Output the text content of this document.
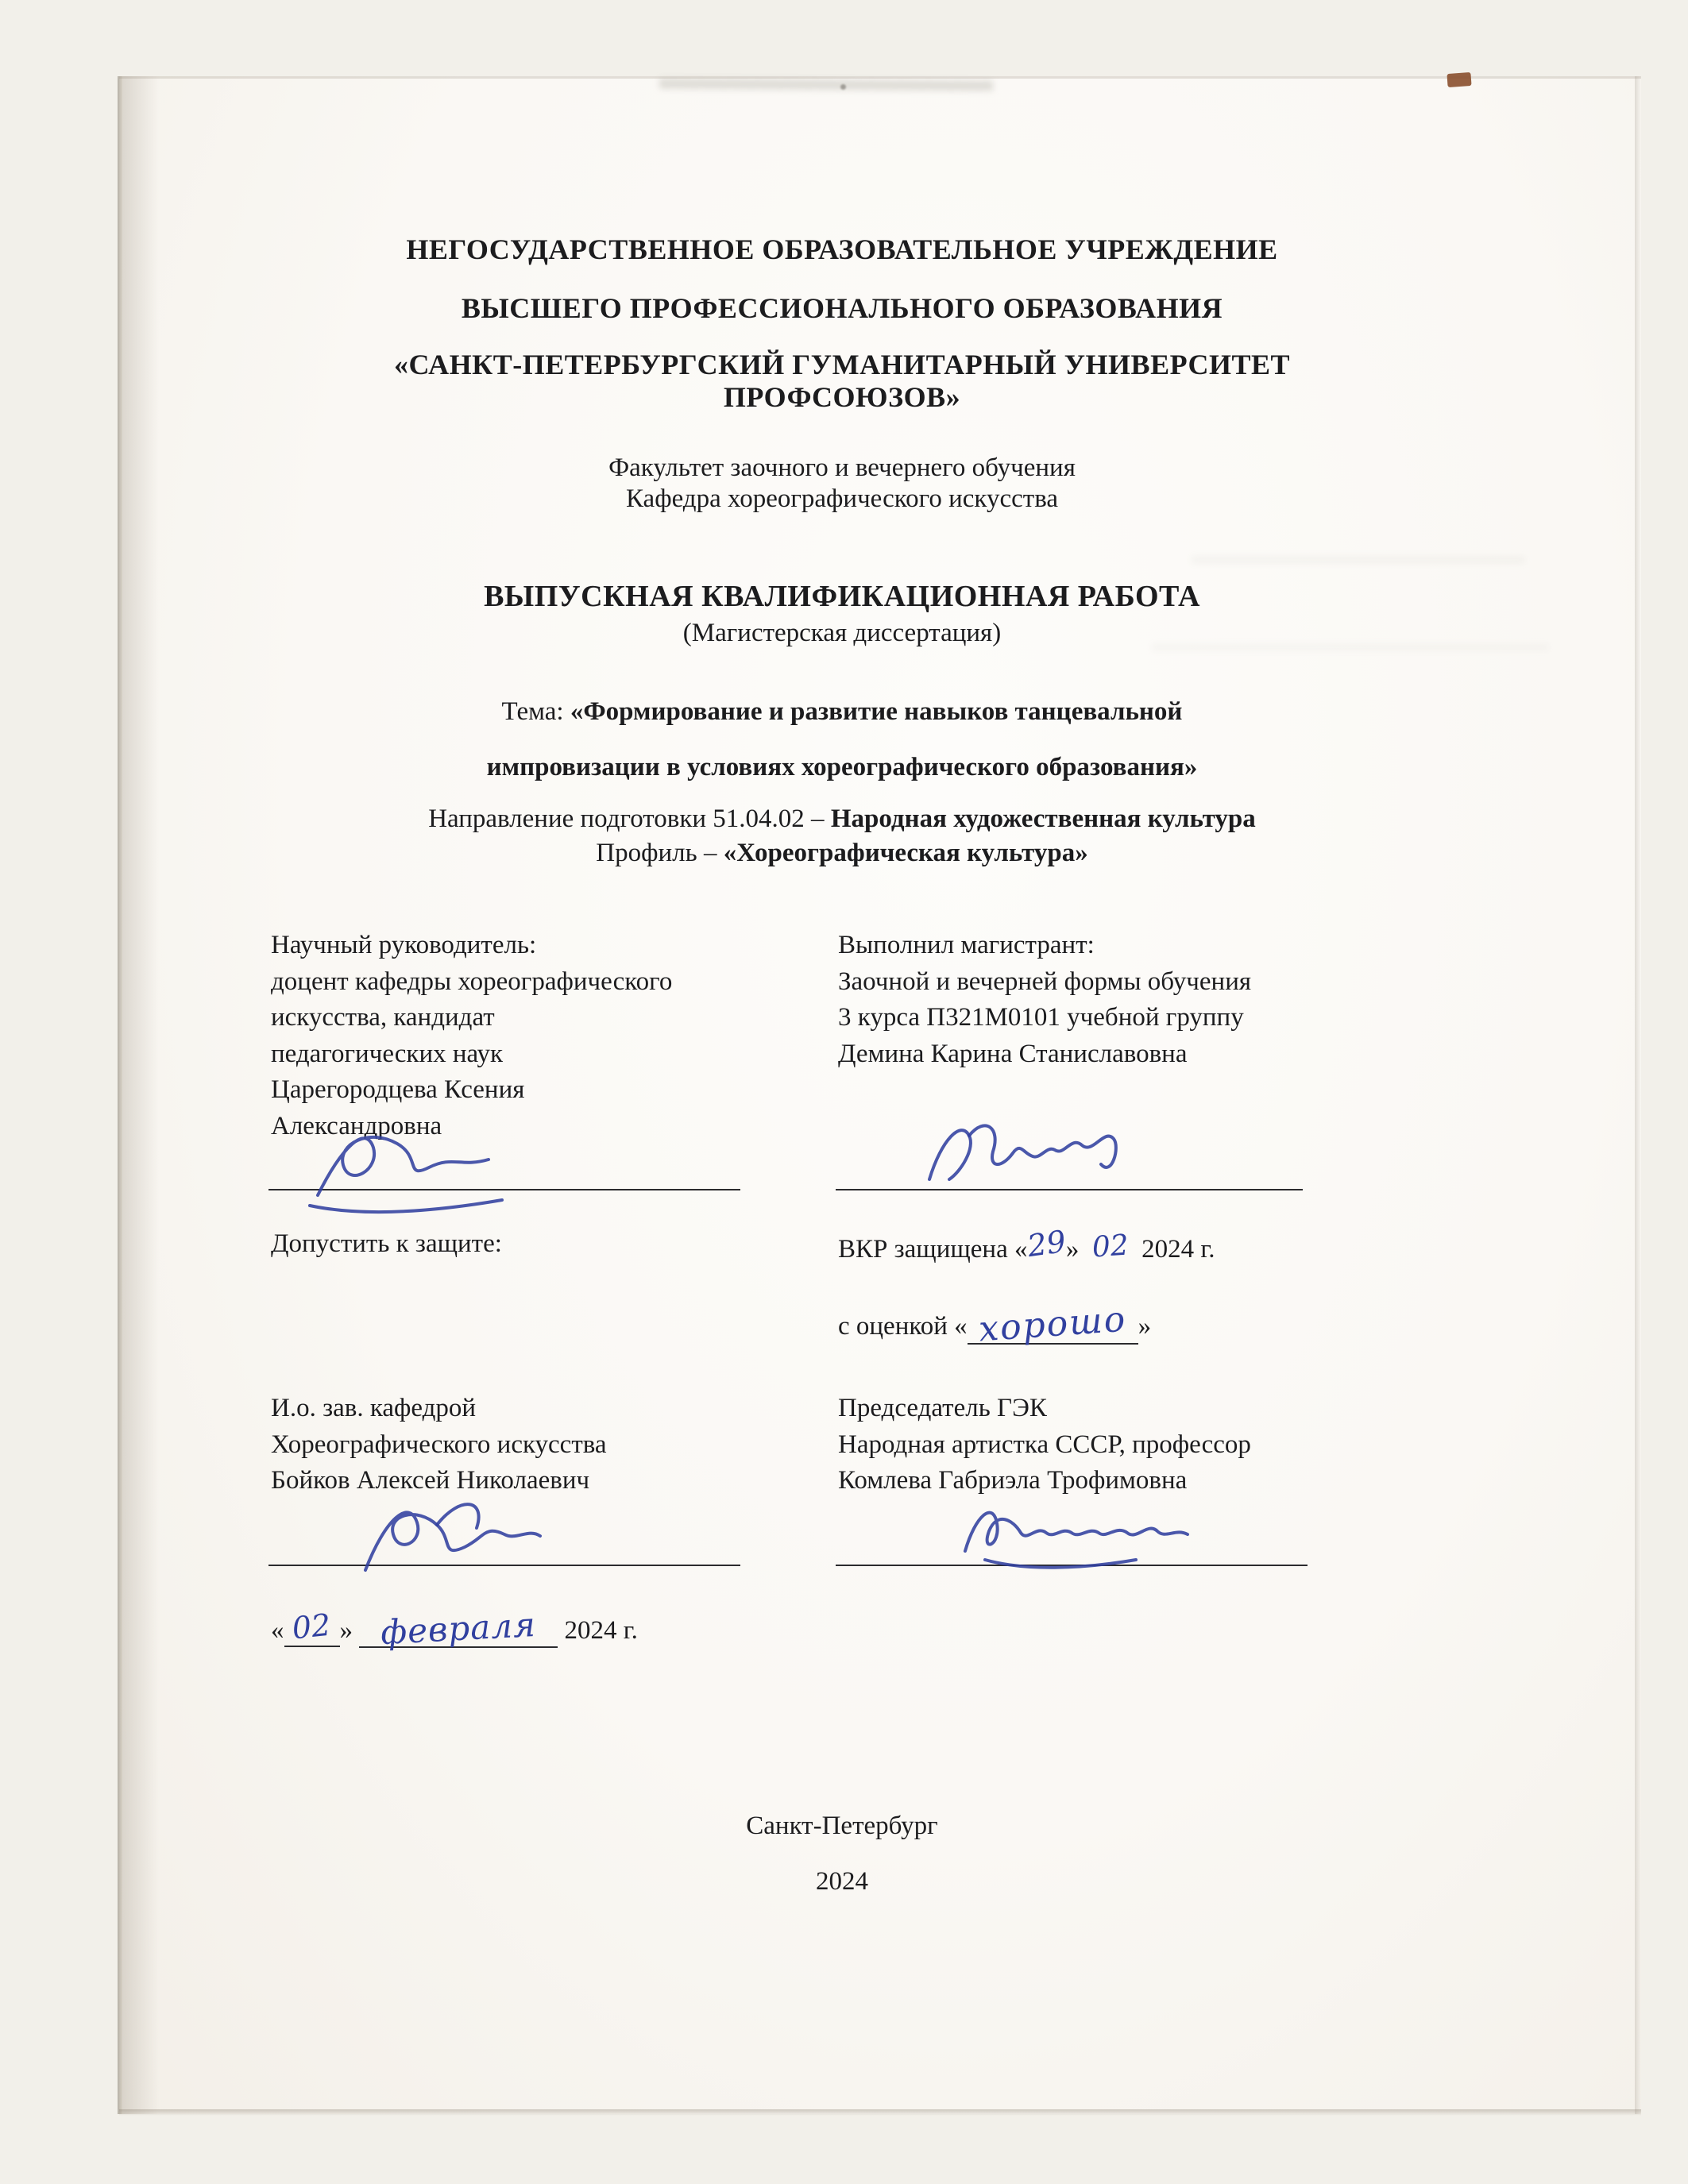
НЕГОСУДАРСТВЕННОЕ ОБРАЗОВАТЕЛЬНОЕ УЧРЕЖДЕНИЕ
ВЫСШЕГО ПРОФЕССИОНАЛЬНОГО ОБРАЗОВАНИЯ
«САНКТ-ПЕТЕРБУРГСКИЙ ГУМАНИТАРНЫЙ УНИВЕРСИТЕТ
ПРОФСОЮЗОВ»
Факультет заочного и вечернего обучения
Кафедра хореографического искусства
ВЫПУСКНАЯ КВАЛИФИКАЦИОННАЯ РАБОТА
(Магистерская диссертация)
Тема: «Формирование и развитие навыков танцевальной
импровизации в условиях хореографического образования»
Направление подготовки 51.04.02 – Народная художественная культура
Профиль – «Хореографическая культура»
Научный руководитель:
доцент кафедры хореографического
искусства, кандидат
педагогических наук
Царегородцева Ксения
Александровна
Выполнил магистрант:
Заочной и вечерней формы обучения
3 курса П321М0101 учебной группу
Демина Карина Станиславовна
Допустить к защите:	ВКР защищена «29» 02 2024 г.
с оценкой « хорошо »
И.о. зав. кафедрой
Хореографического искусства
Бойков Алексей Николаевич
Председатель ГЭК
Народная артистка СССР, профессор
Комлева Габриэла Трофимовна
« 02 » февраля 2024 г.
Санкт-Петербург
2024
